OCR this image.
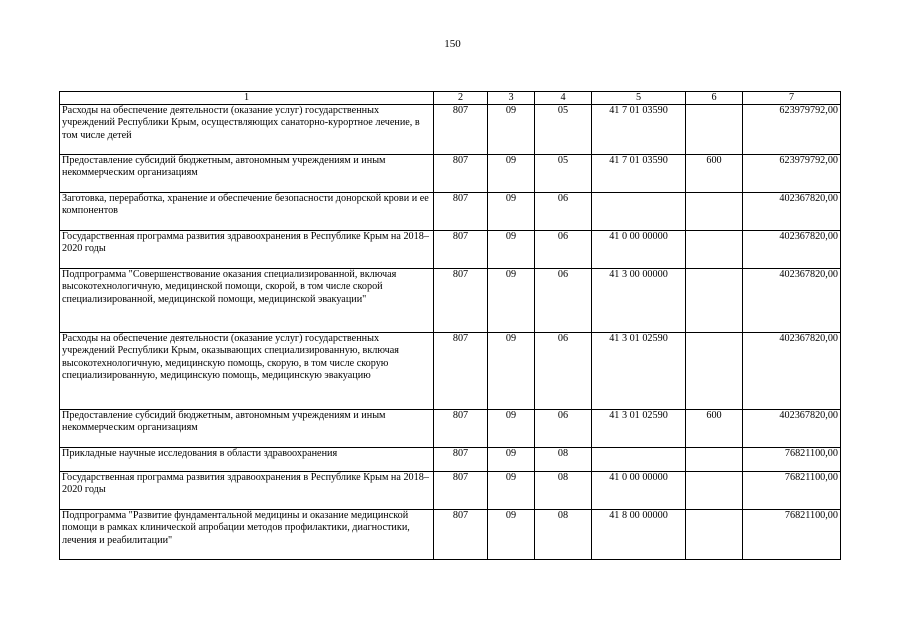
150
1	2	3	4	5	6	7
Расходы на обеспечение деятельности (оказание услуг) государственных учреждений Республики Крым, осуществляющих санаторно-курортное лечение, в том числе детей	807	09	05	41 7 01 03590		623979792,00
Предоставление субсидий бюджетным, автономным учреждениям и иным некоммерческим организациям	807	09	05	41 7 01 03590	600	623979792,00
Заготовка, переработка, хранение и обеспечение безопасности донорской крови и ее компонентов	807	09	06			402367820,00
Государственная программа развития здравоохранения в Республике Крым на 2018–2020 годы	807	09	06	41 0 00 00000		402367820,00
Подпрограмма "Совершенствование оказания специализированной, включая высокотехнологичную, медицинской помощи, скорой, в том числе скорой специализированной, медицинской помощи, медицинской эвакуации"	807	09	06	41 3 00 00000		402367820,00
Расходы на обеспечение деятельности (оказание услуг) государственных учреждений Республики Крым, оказывающих специализированную, включая высокотехнологичную, медицинскую помощь, скорую, в том числе скорую специализированную, медицинскую помощь, медицинскую эвакуацию	807	09	06	41 3 01 02590		402367820,00
Предоставление субсидий бюджетным, автономным учреждениям и иным некоммерческим организациям	807	09	06	41 3 01 02590	600	402367820,00
Прикладные научные исследования в области здравоохранения	807	09	08			76821100,00
Государственная программа развития здравоохранения в Республике Крым на 2018–2020 годы	807	09	08	41 0 00 00000		76821100,00
Подпрограмма "Развитие фундаментальной медицины и оказание медицинской помощи в рамках клинической апробации методов профилактики, диагностики, лечения и реабилитации"	807	09	08	41 8 00 00000		76821100,00
